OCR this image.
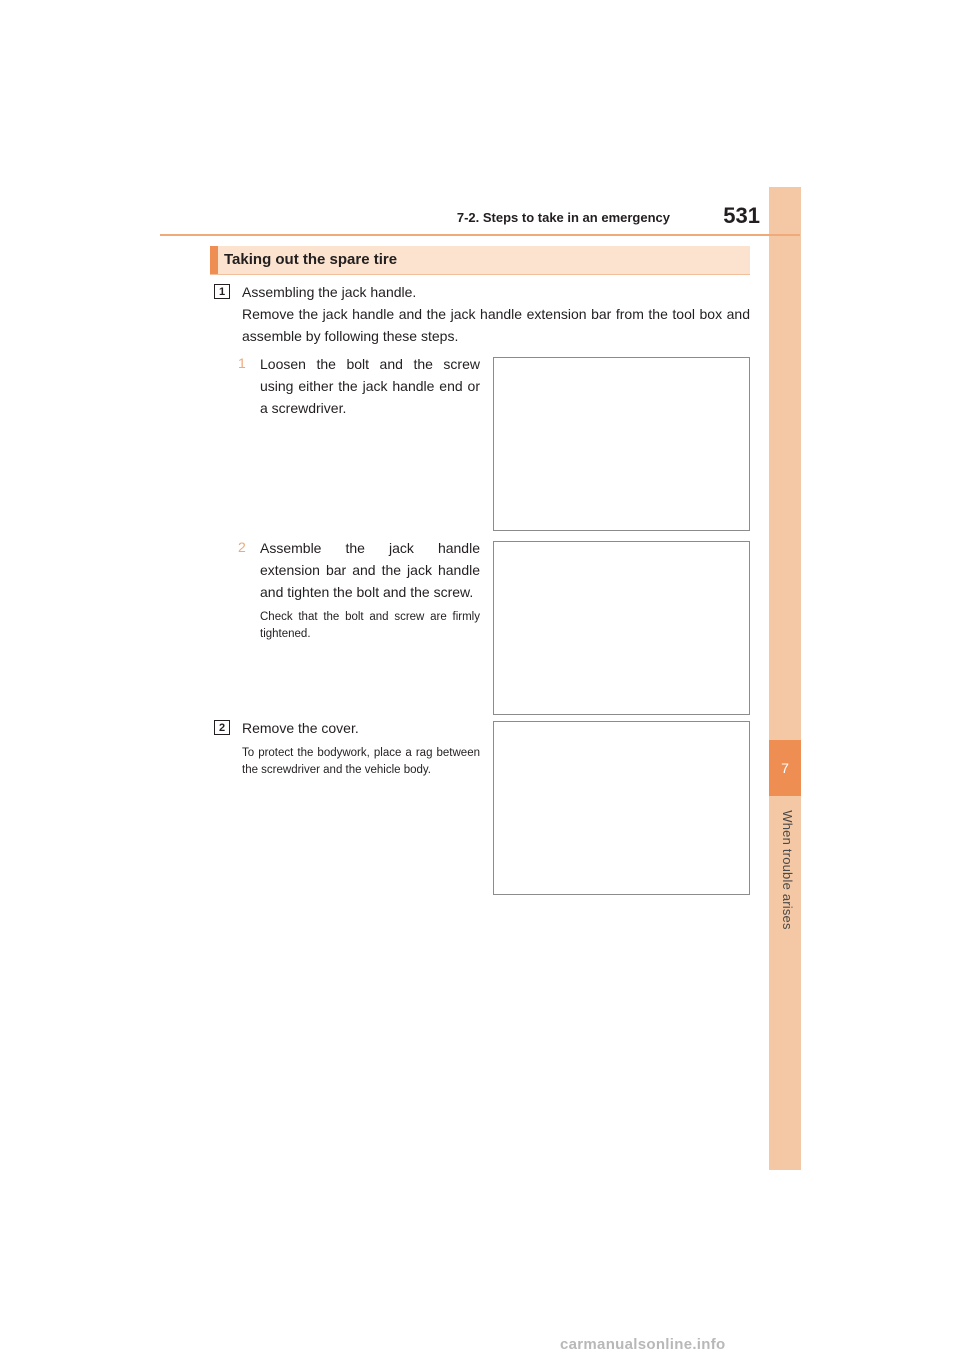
7
When trouble arises
7-2. Steps to take in an emergency	531
Taking out the spare tire
1	Assembling the jack handle.
Remove the jack handle and the jack handle extension bar from the tool box and assemble by following these steps.
1	Loosen the bolt and the screw using either the jack handle end or a screwdriver.
2	Assemble the jack handle extension bar and the jack handle and tighten the bolt and the screw.
Check that the bolt and screw are firmly tightened.
2	Remove the cover.
To protect the bodywork, place a rag between the screwdriver and the vehicle body.
carmanualsonline.info
